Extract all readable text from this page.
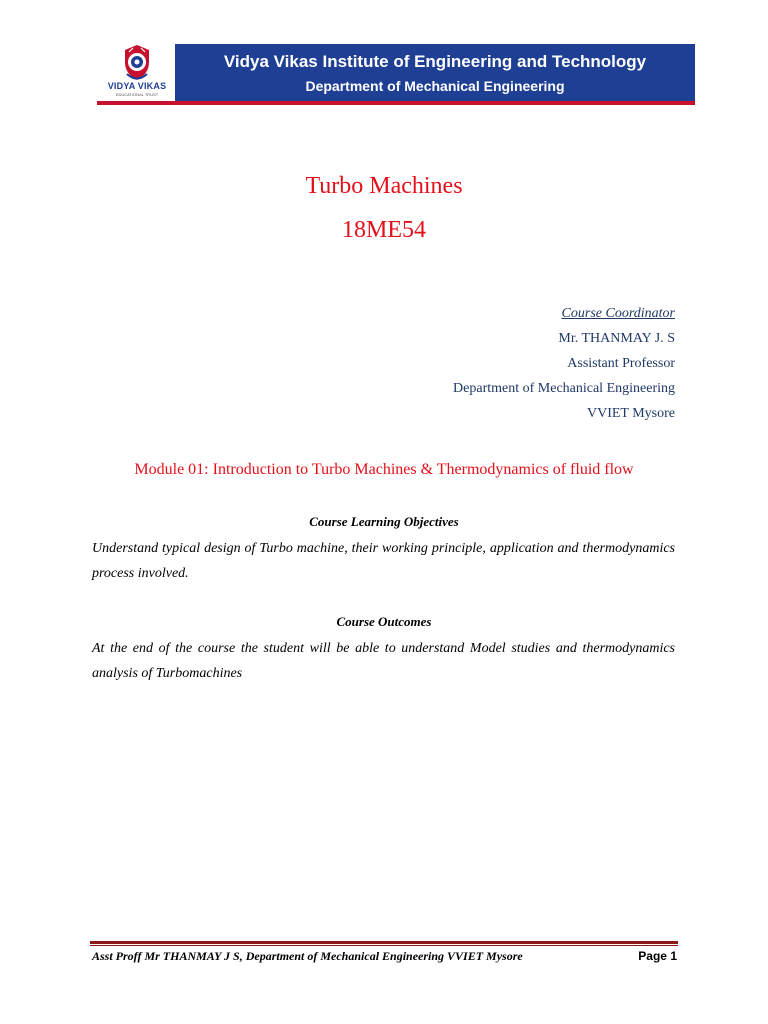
VIDYA VIKAS
EDUCATIONAL TRUST
Vidya Vikas Institute of Engineering and Technology
Department of Mechanical Engineering
Turbo Machines
18ME54
Course Coordinator
Mr. THANMAY J. S
Assistant Professor
Department of Mechanical Engineering
VVIET Mysore
Module 01: Introduction to Turbo Machines & Thermodynamics of fluid flow
Course Learning Objectives
Understand typical design of Turbo machine, their working principle, application and thermodynamics process involved.
Course Outcomes
At the end of the course the student will be able to understand Model studies and thermodynamics analysis of Turbomachines
Asst Proff Mr THANMAY J S, Department of Mechanical Engineering VVIET Mysore	Page 1
